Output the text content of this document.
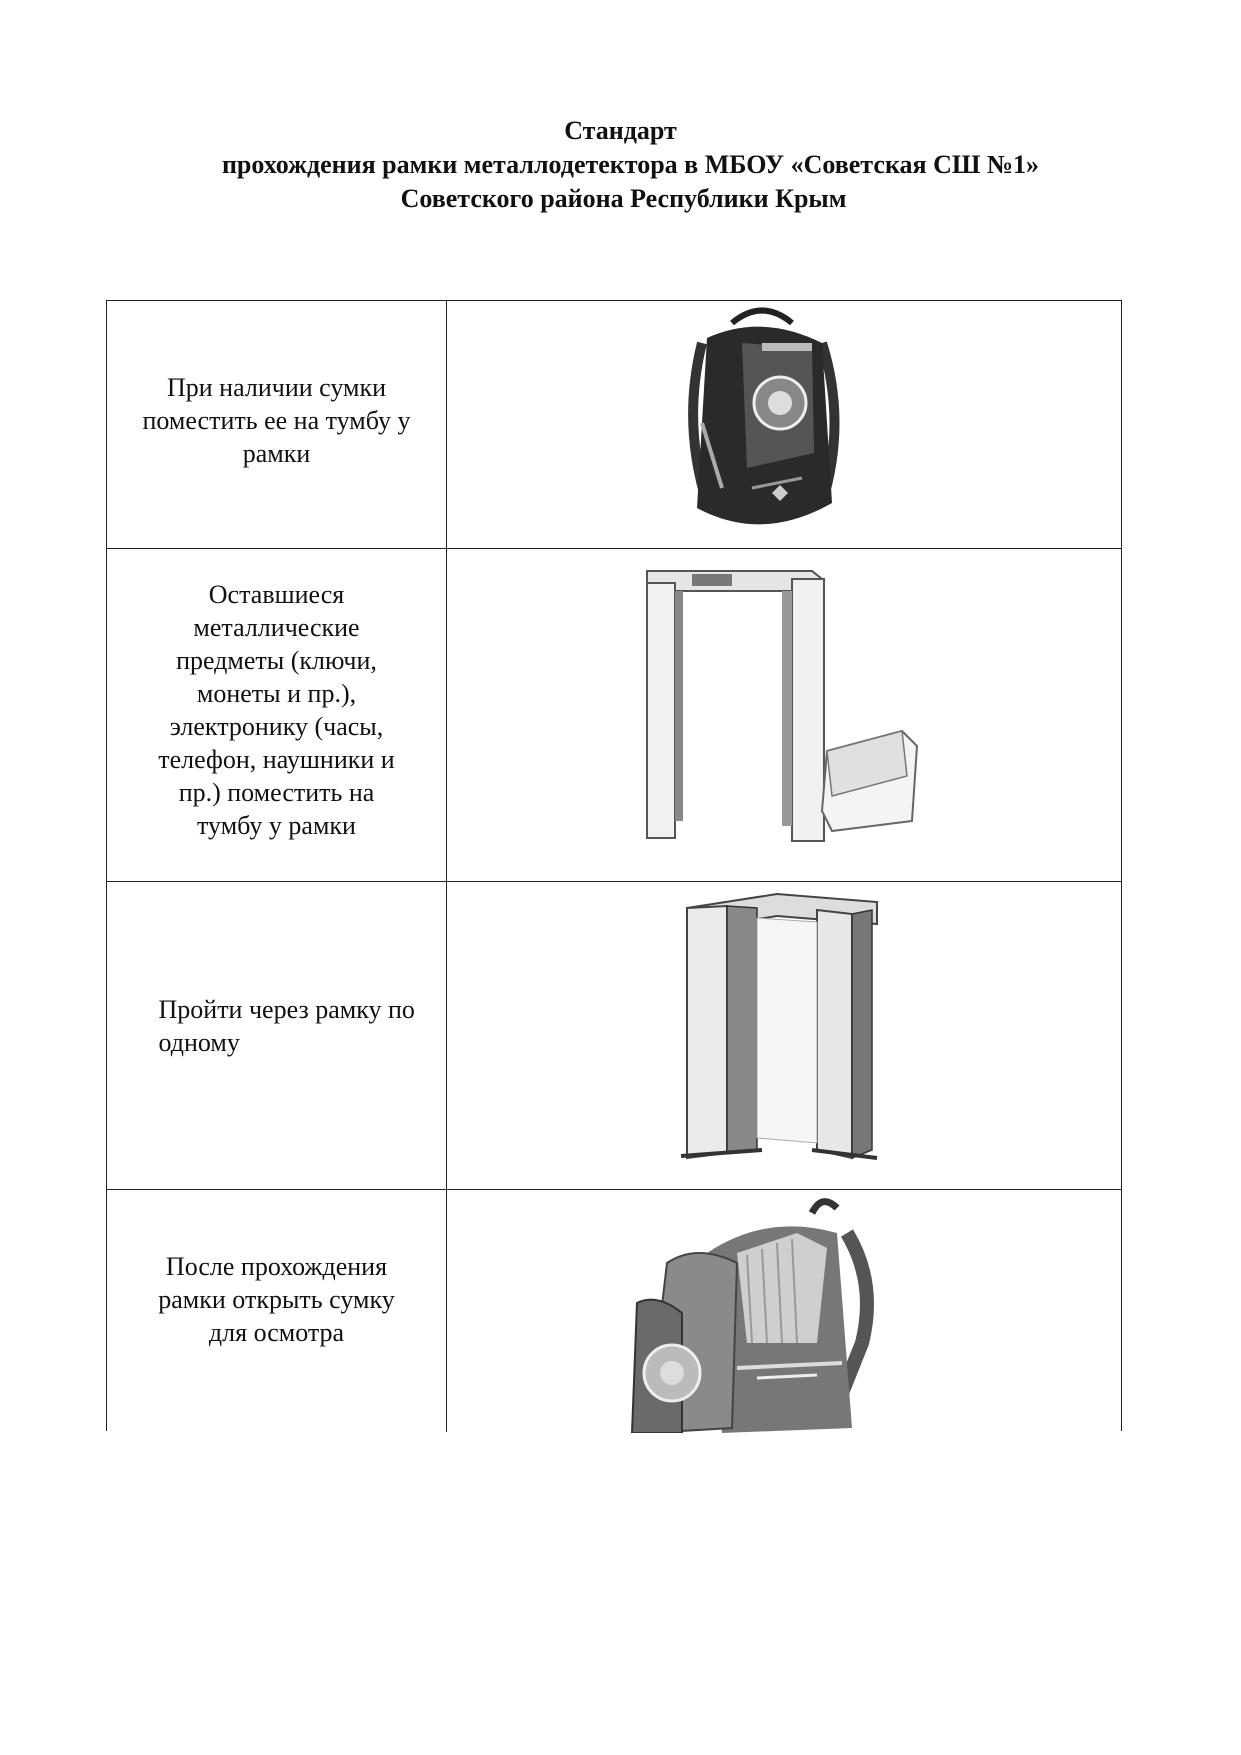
Стандарт
прохождения рамки металлодетектора в МБОУ «Советская СШ №1»
Советского района Республики Крым
При наличии сумки поместить ее на тумбу у рамки
Оставшиеся металлические предметы (ключи, монеты и пр.), электронику (часы, телефон, наушники и пр.) поместить на тумбу у рамки
Пройти через рамку по одному
После прохождения рамки открыть сумку для осмотра
